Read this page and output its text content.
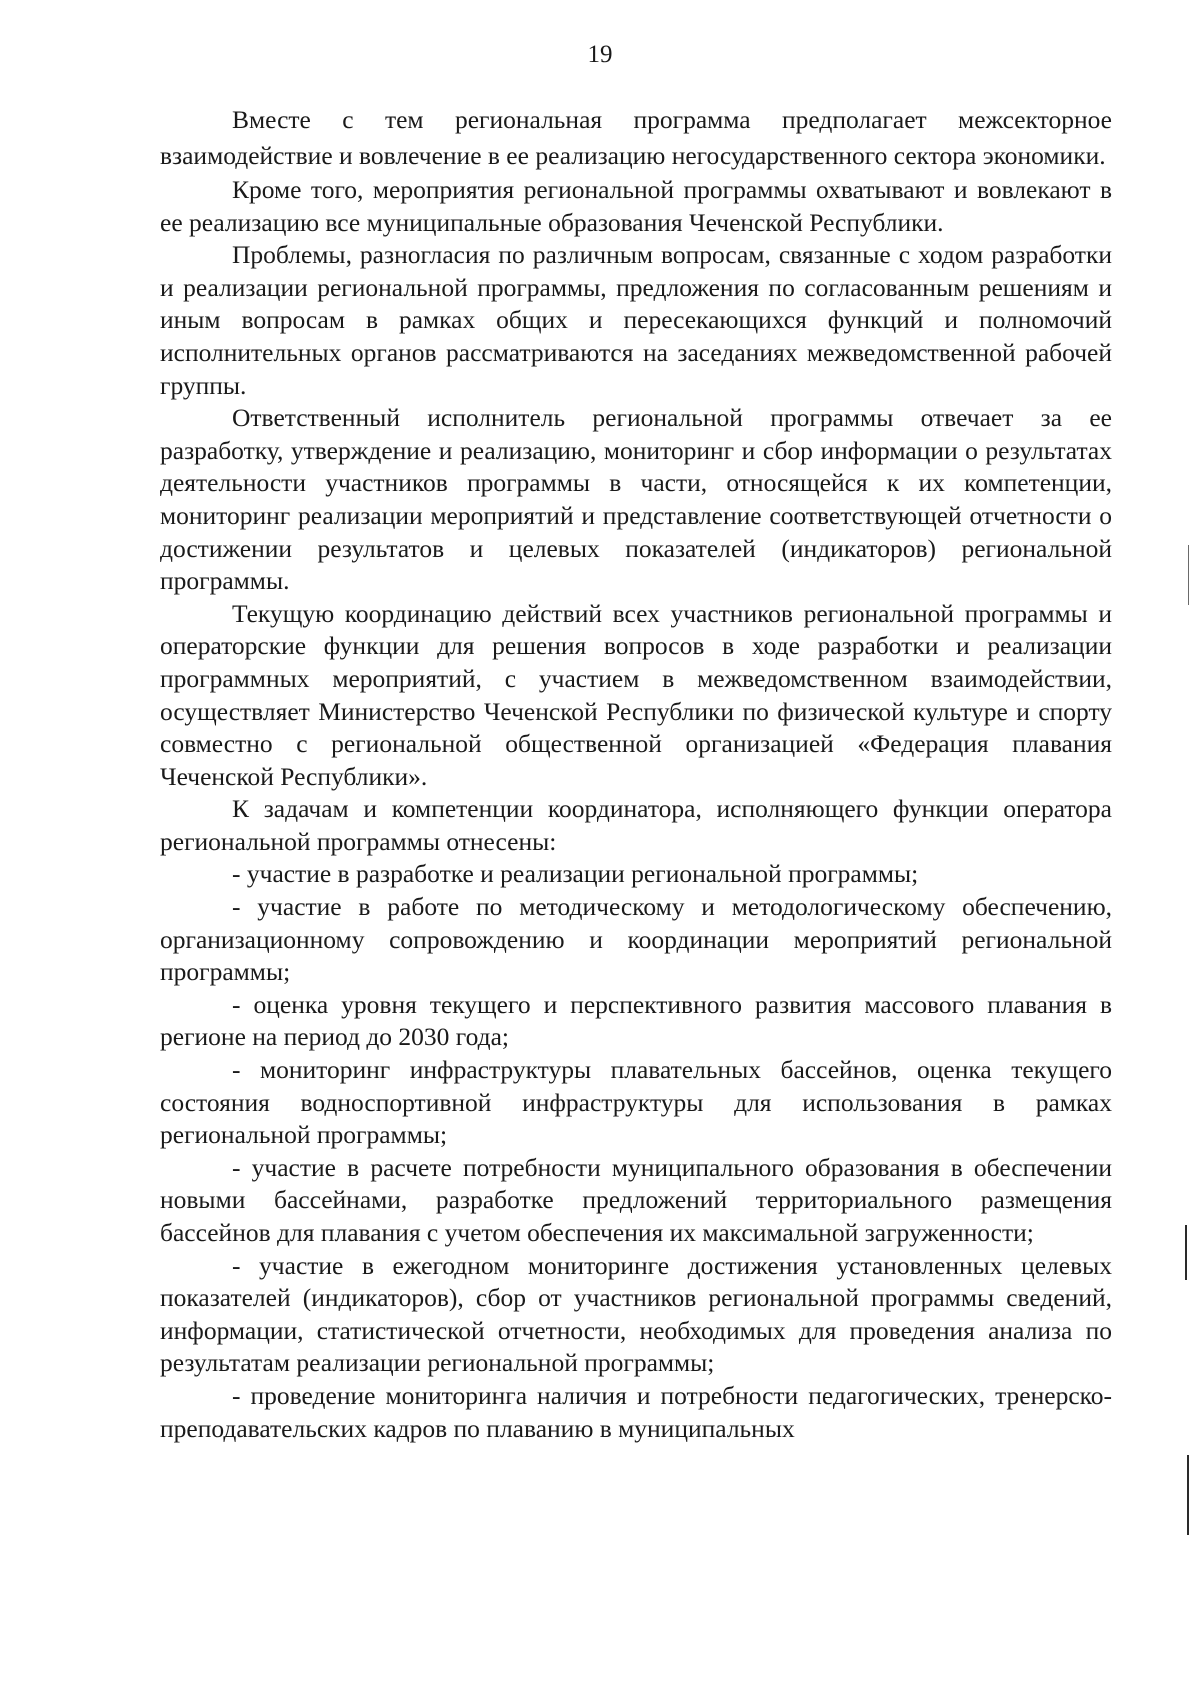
19

Вместе с тем региональная программа предполагает межсекторное взаимодействие и вовлечение в ее реализацию негосударственного сектора экономики.

Кроме того, мероприятия региональной программы охватывают и вовлекают в ее реализацию все муниципальные образования Чеченской Республики.

Проблемы, разногласия по различным вопросам, связанные с ходом разработки и реализации региональной программы, предложения по согласованным решениям и иным вопросам в рамках общих и пересекающихся функций и полномочий исполнительных органов рассматриваются на заседаниях межведомственной рабочей группы.

Ответственный исполнитель региональной программы отвечает за ее разработку, утверждение и реализацию, мониторинг и сбор информации о результатах деятельности участников программы в части, относящейся к их компетенции, мониторинг реализации мероприятий и представление соответствующей отчетности о достижении результатов и целевых показателей (индикаторов) региональной программы.

Текущую координацию действий всех участников региональной программы и операторские функции для решения вопросов в ходе разработки и реализации программных мероприятий, с участием в межведомственном взаимодействии, осуществляет Министерство Чеченской Республики по физической культуре и спорту совместно с региональной общественной организацией «Федерация плавания Чеченской Республики».

К задачам и компетенции координатора, исполняющего функции оператора региональной программы отнесены:

- участие в разработке и реализации региональной программы;

- участие в работе по методическому и методологическому обеспечению, организационному сопровождению и координации мероприятий региональной программы;

- оценка уровня текущего и перспективного развития массового плавания в регионе на период до 2030 года;

- мониторинг инфраструктуры плавательных бассейнов, оценка текущего состояния водноспортивной инфраструктуры для использования в рамках региональной программы;

- участие в расчете потребности муниципального образования в обеспечении новыми бассейнами, разработке предложений территориального размещения бассейнов для плавания с учетом обеспечения их максимальной загруженности;

- участие в ежегодном мониторинге достижения установленных целевых показателей (индикаторов), сбор от участников региональной программы сведений, информации, статистической отчетности, необходимых для проведения анализа по результатам реализации региональной программы;

- проведение мониторинга наличия и потребности педагогических, тренерско-преподавательских кадров по плаванию в муниципальных
